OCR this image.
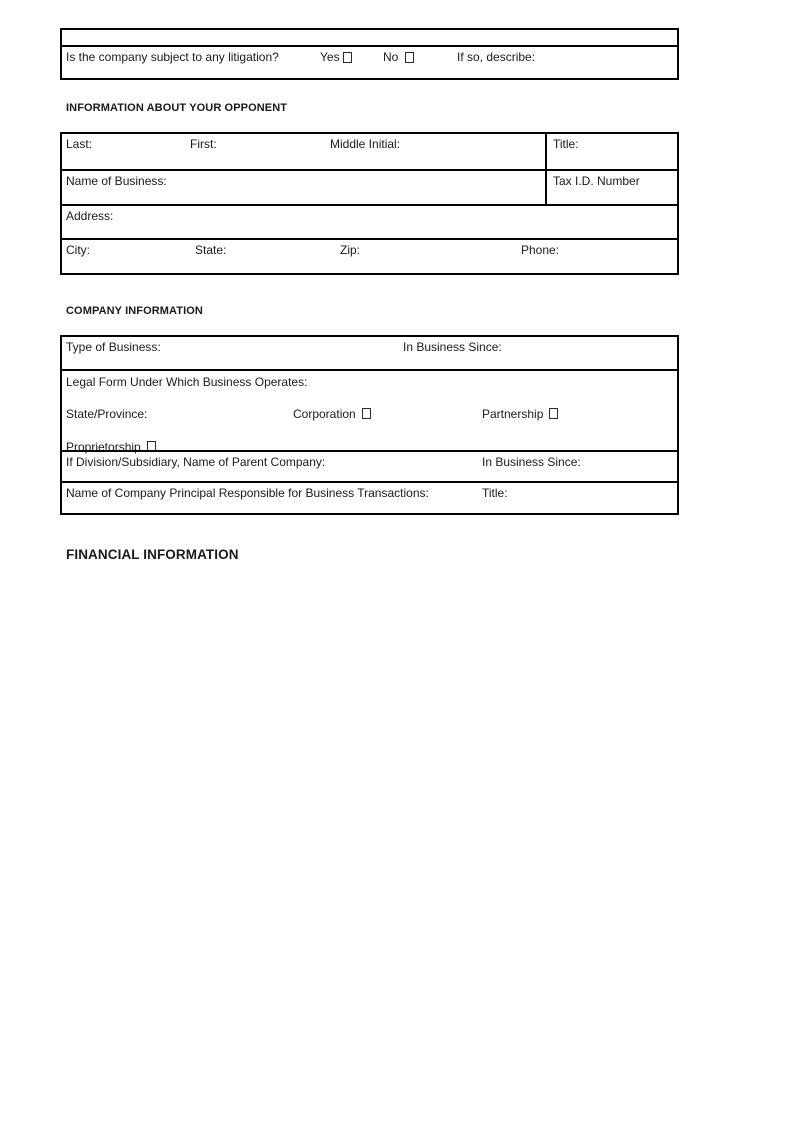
Is the company subject to any litigation?	Yes	No	If so, describe:
INFORMATION ABOUT YOUR OPPONENT
Last:	First:	Middle Initial:	Title:
Name of Business:	Tax I.D. Number
Address:
City:	State:	Zip:	Phone:
COMPANY INFORMATION
Type of Business:	In Business Since:
Legal Form Under Which Business Operates:
State/Province:	Corporation	Partnership
Proprietorship
If Division/Subsidiary, Name of Parent Company:	In Business Since:
Name of Company Principal Responsible for Business Transactions:	Title:
FINANCIAL INFORMATION
